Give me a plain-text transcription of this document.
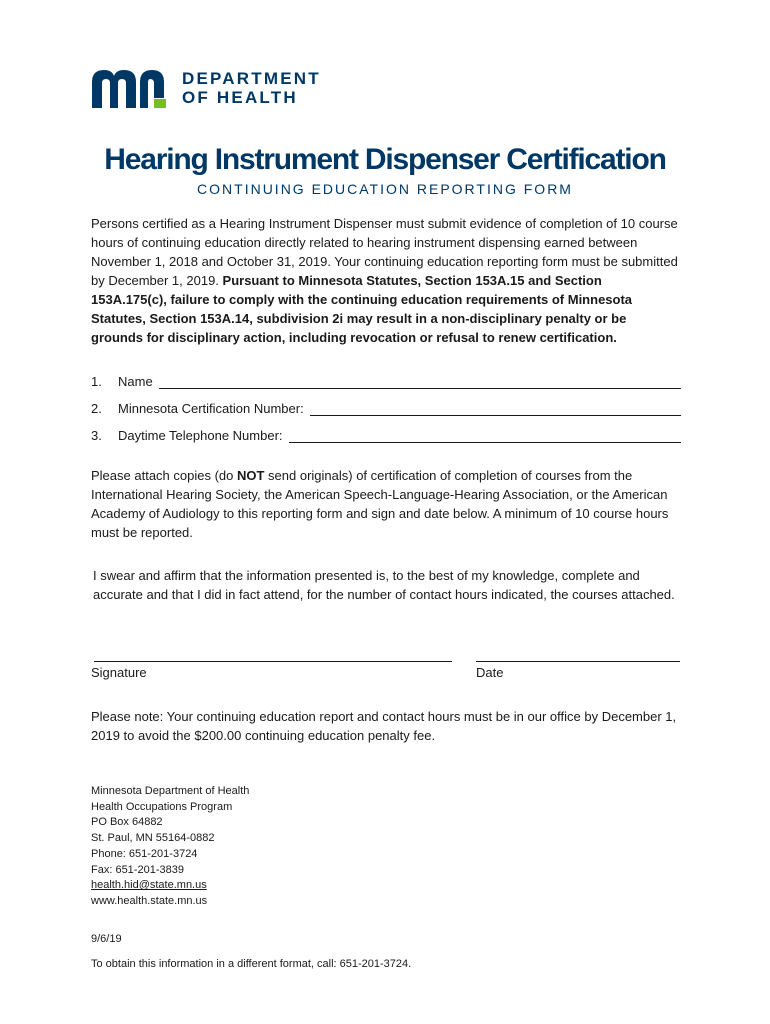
DEPARTMENT
OF HEALTH
Hearing Instrument Dispenser Certification
CONTINUING EDUCATION REPORTING FORM

Persons certified as a Hearing Instrument Dispenser must submit evidence of completion of 10 course hours of continuing education directly related to hearing instrument dispensing earned between November 1, 2018 and October 31, 2019. Your continuing education reporting form must be submitted by December 1, 2019. Pursuant to Minnesota Statutes, Section 153A.15 and Section 153A.175(c), failure to comply with the continuing education requirements of Minnesota Statutes, Section 153A.14, subdivision 2i may result in a non-disciplinary penalty or be grounds for disciplinary action, including revocation or refusal to renew certification.

1.	Name
2.	Minnesota Certification Number:
3.	Daytime Telephone Number:

Please attach copies (do NOT send originals) of certification of completion of courses from the International Hearing Society, the American Speech-Language-Hearing Association, or the American Academy of Audiology to this reporting form and sign and date below. A minimum of 10 course hours must be reported.

I swear and affirm that the information presented is, to the best of my knowledge, complete and accurate and that I did in fact attend, for the number of contact hours indicated, the courses attached.

Signature	Date

Please note: Your continuing education report and contact hours must be in our office by December 1, 2019 to avoid the $200.00 continuing education penalty fee.

Minnesota Department of Health
Health Occupations Program
PO Box 64882
St. Paul, MN 55164-0882
Phone: 651-201-3724
Fax: 651-201-3839
health.hid@state.mn.us
www.health.state.mn.us
9/6/19
To obtain this information in a different format, call: 651-201-3724.
